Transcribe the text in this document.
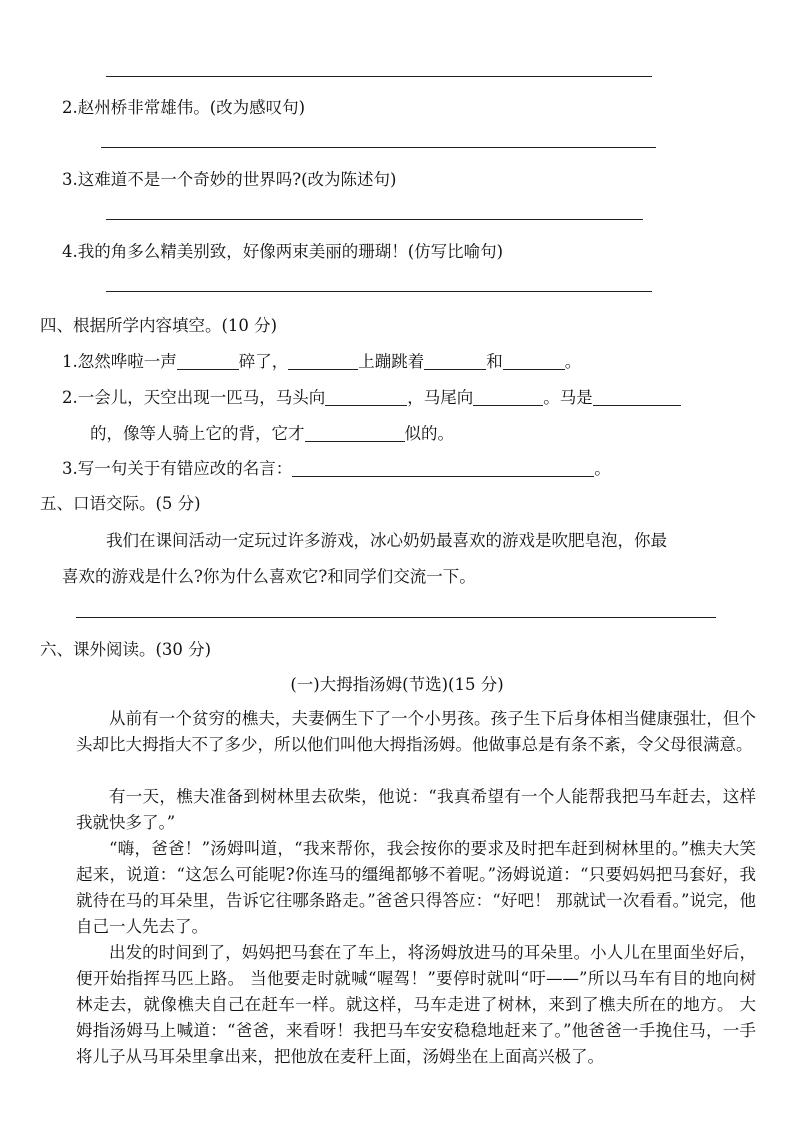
2.赵州桥非常雄伟。(改为感叹句)
3.这难道不是一个奇妙的世界吗?(改为陈述句)
4.我的角多么精美别致，好像两束美丽的珊瑚！(仿写比喻句)
四、根据所学内容填空。(10 分)
1.忽然哗啦一声	碎了，	上蹦跳着	和	。
2.一会儿，天空出现一匹马，马头向	，马尾向	。马是
的，像等人骑上它的背，它才	似的。
3.写一句关于有错应改的名言：	。
五、口语交际。(5 分)
我们在课间活动一定玩过许多游戏，冰心奶奶最喜欢的游戏是吹肥皂泡，你最
喜欢的游戏是什么?你为什么喜欢它?和同学们交流一下。
六、课外阅读。(30 分)
(一)大拇指汤姆(节选)(15 分)
从前有一个贫穷的樵夫，夫妻俩生下了一个小男孩。孩子生下后身体相当健康强壮，但个头却比大拇指大不了多少，所以他们叫他大拇指汤姆。他做事总是有条不紊，令父母很满意。
有一天，樵夫准备到树林里去砍柴，他说：“我真希望有一个人能帮我把马车赶去，这样我就快多了。”
“嗨，爸爸！”汤姆叫道，“我来帮你，我会按你的要求及时把车赶到树林里的。”樵夫大笑起来，说道：“这怎么可能呢?你连马的缰绳都够不着呢。”汤姆说道：“只要妈妈把马套好，我就待在马的耳朵里，告诉它往哪条路走。”爸爸只得答应：“好吧！ 那就试一次看看。”说完，他自己一人先去了。
出发的时间到了，妈妈把马套在了车上，将汤姆放进马的耳朵里。小人儿在里面坐好后，便开始指挥马匹上路。 当他要走时就喊“喔驾！”要停时就叫“吁——”所以马车有目的地向树林走去，就像樵夫自己在赶车一样。就这样，马车走进了树林，来到了樵夫所在的地方。 大姆指汤姆马上喊道：“爸爸，来看呀！我把马车安安稳稳地赶来了。”他爸爸一手挽住马，一手将儿子从马耳朵里拿出来，把他放在麦秆上面，汤姆坐在上面高兴极了。
